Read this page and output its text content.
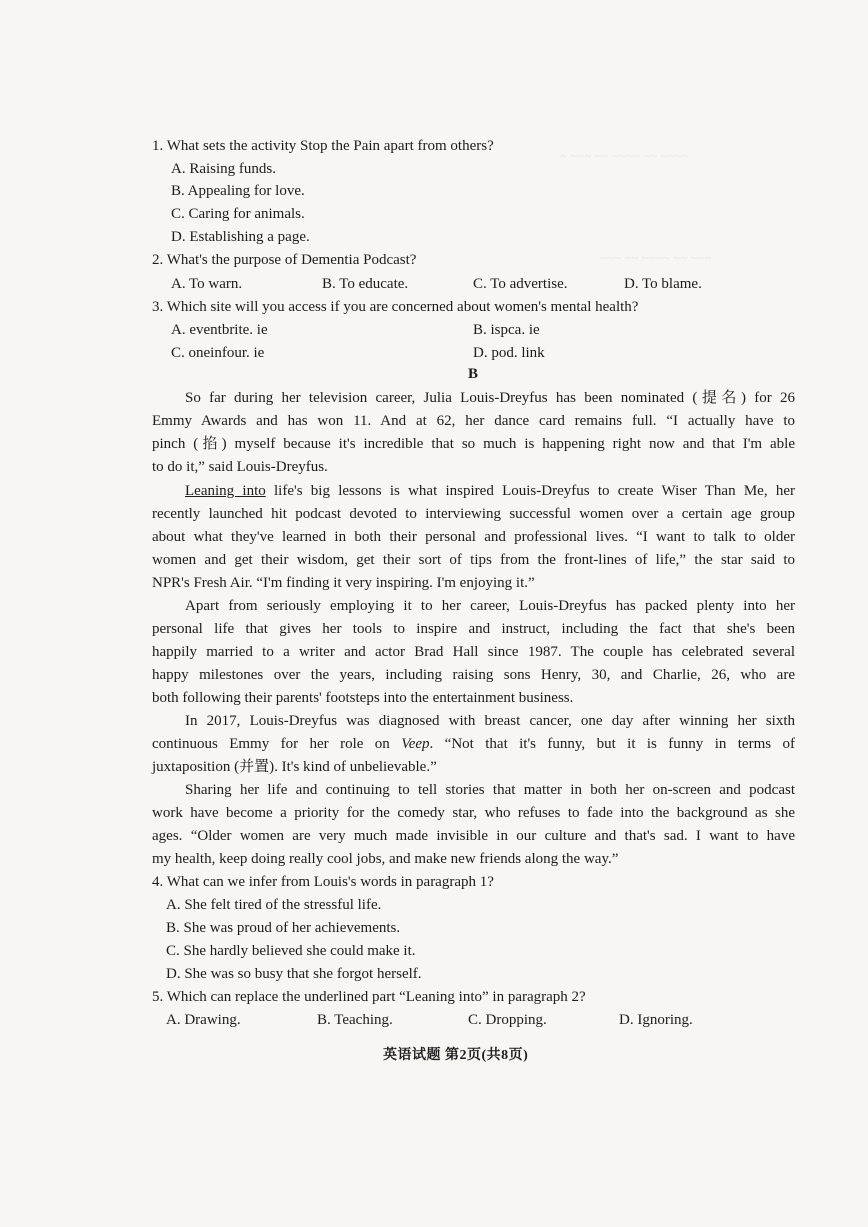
~ ~~~ ~~ ~~~~ ~~ ~~~~
~~~ ~~ ~~~~ ~~ ~~~
1. What sets the activity Stop the Pain apart from others?
A. Raising funds.
B. Appealing for love.
C. Caring for animals.
D. Establishing a page.
2. What's the purpose of Dementia Podcast?
A. To warn.	B. To educate.	C. To advertise.	D. To blame.
3. Which site will you access if you are concerned about women's mental health?
A. eventbrite. ie	B. ispca. ie
C. oneinfour. ie	D. pod. link
B
So far during her television career, Julia Louis-Dreyfus has been nominated (提名) for 26
Emmy Awards and has won 11. And at 62, her dance card remains full. “I actually have to
pinch (掐) myself because it's incredible that so much is happening right now and that I'm able
to do it,” said Louis-Dreyfus.
Leaning into life's big lessons is what inspired Louis-Dreyfus to create Wiser Than Me, her
recently launched hit podcast devoted to interviewing successful women over a certain age group
about what they've learned in both their personal and professional lives. “I want to talk to older
women and get their wisdom, get their sort of tips from the front-lines of life,” the star said to
NPR's Fresh Air. “I'm finding it very inspiring. I'm enjoying it.”
Apart from seriously employing it to her career, Louis-Dreyfus has packed plenty into her
personal life that gives her tools to inspire and instruct, including the fact that she's been
happily married to a writer and actor Brad Hall since 1987. The couple has celebrated several
happy milestones over the years, including raising sons Henry, 30, and Charlie, 26, who are
both following their parents' footsteps into the entertainment business.
In 2017, Louis-Dreyfus was diagnosed with breast cancer, one day after winning her sixth
continuous Emmy for her role on Veep. “Not that it's funny, but it is funny in terms of
juxtaposition (并置). It's kind of unbelievable.”
Sharing her life and continuing to tell stories that matter in both her on-screen and podcast
work have become a priority for the comedy star, who refuses to fade into the background as she
ages. “Older women are very much made invisible in our culture and that's sad. I want to have
my health, keep doing really cool jobs, and make new friends along the way.”
4. What can we infer from Louis's words in paragraph 1?
A. She felt tired of the stressful life.
B. She was proud of her achievements.
C. She hardly believed she could make it.
D. She was so busy that she forgot herself.
5. Which can replace the underlined part “Leaning into” in paragraph 2?
A. Drawing.	B. Teaching.	C. Dropping.	D. Ignoring.
英语试题 第2页(共8页)
